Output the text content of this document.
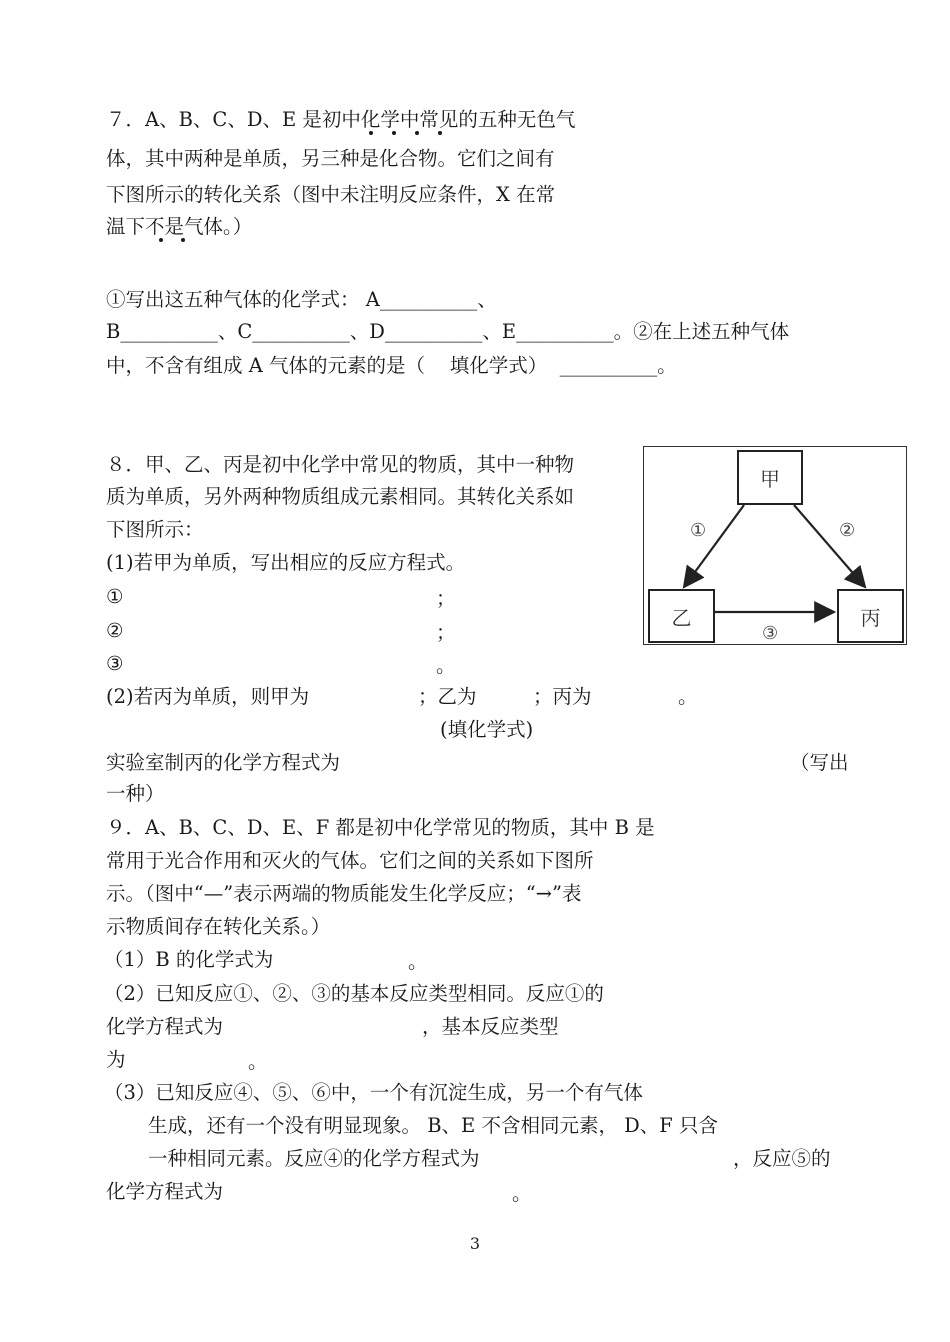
７．A、B、C、D、E 是初中化学中常见的五种无色气
体，其中两种是单质，另三种是化合物。它们之间有
下图所示的转化关系（图中未注明反应条件，X 在常
温下不是气体。）
①写出这五种气体的化学式： A__________、
B__________、C__________、D__________、E__________。②在上述五种气体
中，不含有组成 A 气体的元素的是（    填化学式）  __________。
８．甲、乙、丙是初中化学中常见的物质，其中一种物
质为单质，另外两种物质组成元素相同。其转化关系如
下图所示：
(1)若甲为单质，写出相应的反应方程式。
①	；
②	；
③	。
(2)若丙为单质，则甲为	；乙为	；丙为	。
(填化学式)
实验室制丙的化学方程式为	（写出
一种）
甲
乙	丙
①	②
③
９．A、B、C、D、E、F 都是初中化学常见的物质，其中 B 是
常用于光合作用和灭火的气体。它们之间的关系如下图所
示。（图中“—”表示两端的物质能发生化学反应；“→”表
示物质间存在转化关系。）
（1）B 的化学式为	。
（2）已知反应①、②、③的基本反应类型相同。反应①的
化学方程式为	，基本反应类型
为	。
（3）已知反应④、⑤、⑥中，一个有沉淀生成，另一个有气体
生成，还有一个没有明显现象。 B、E 不含相同元素， D、F 只含
一种相同元素。反应④的化学方程式为	，反应⑤的
化学方程式为	。
3
